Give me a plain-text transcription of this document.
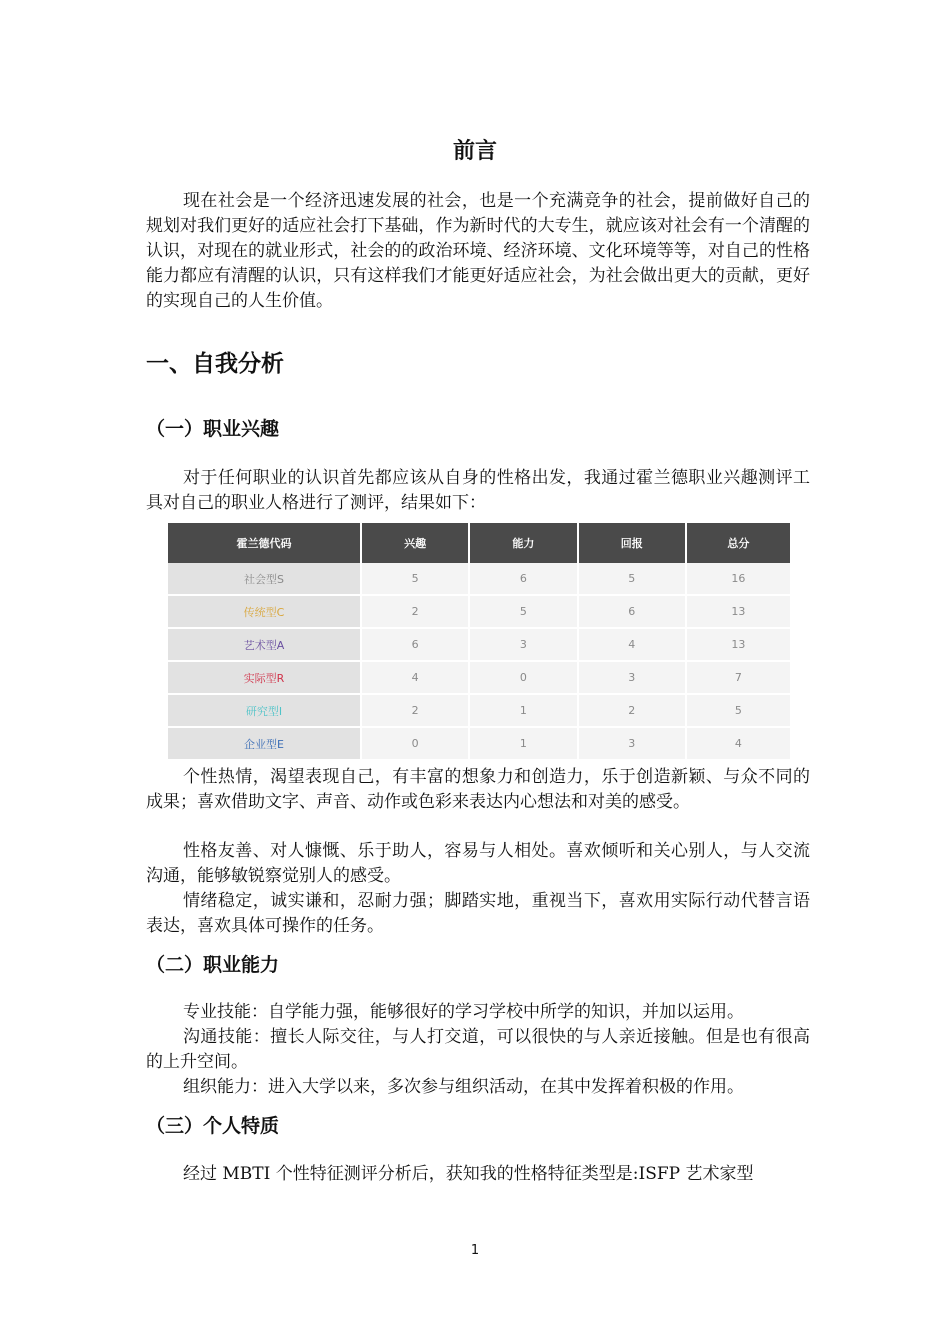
前言

现在社会是一个经济迅速发展的社会，也是一个充满竞争的社会，提前做好自己的规划对我们更好的适应社会打下基础，作为新时代的大专生，就应该对社会有一个清醒的认识，对现在的就业形式，社会的的政治环境、经济环境、文化环境等等，对自己的性格能力都应有清醒的认识，只有这样我们才能更好适应社会，为社会做出更大的贡献，更好的实现自己的人生价值。

一、自我分析
（一）职业兴趣

对于任何职业的认识首先都应该从自身的性格出发，我通过霍兰德职业兴趣测评工具对自己的职业人格进行了测评，结果如下：

霍兰德代码	兴趣	能力	回报	总分
社会型S	5	6	5	16
传统型C	2	5	6	13
艺术型A	6	3	4	13
实际型R	4	0	3	7
研究型I	2	1	2	5
企业型E	0	1	3	4

个性热情，渴望表现自己，有丰富的想象力和创造力，乐于创造新颖、与众不同的成果；喜欢借助文字、声音、动作或色彩来表达内心想法和对美的感受。

性格友善、对人慷慨、乐于助人，容易与人相处。喜欢倾听和关心别人，与人交流沟通，能够敏锐察觉别人的感受。

情绪稳定，诚实谦和，忍耐力强；脚踏实地，重视当下，喜欢用实际行动代替言语表达，喜欢具体可操作的任务。

（二）职业能力

专业技能：自学能力强，能够很好的学习学校中所学的知识，并加以运用。

沟通技能：擅长人际交往，与人打交道，可以很快的与人亲近接触。但是也有很高的上升空间。

组织能力：进入大学以来，多次参与组织活动，在其中发挥着积极的作用。

（三）个人特质

经过 MBTI 个性特征测评分析后，获知我的性格特征类型是:ISFP 艺术家型

1
